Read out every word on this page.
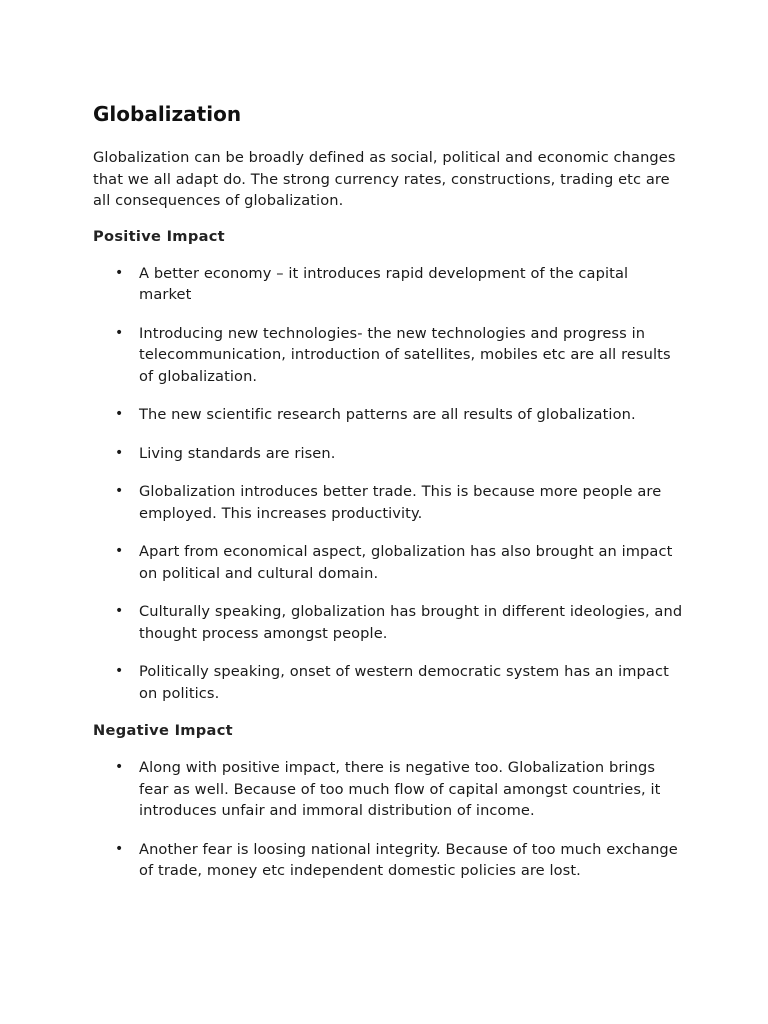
Globalization

Globalization can be broadly defined as social, political and economic changes that we all adapt do. The strong currency rates, constructions, trading etc are all consequences of globalization.

Positive Impact
• A better economy – it introduces rapid development of the capital market
• Introducing new technologies- the new technologies and progress in telecommunication, introduction of satellites, mobiles etc are all results of globalization.
• The new scientific research patterns are all results of globalization.
• Living standards are risen.
• Globalization introduces better trade. This is because more people are employed. This increases productivity.
• Apart from economical aspect, globalization has also brought an impact on political and cultural domain.
• Culturally speaking, globalization has brought in different ideologies, and thought process amongst people.
• Politically speaking, onset of western democratic system has an impact on politics.
Negative Impact
• Along with positive impact, there is negative too. Globalization brings fear as well. Because of too much flow of capital amongst countries, it introduces unfair and immoral distribution of income.
• Another fear is loosing national integrity. Because of too much exchange of trade, money etc independent domestic policies are lost.
